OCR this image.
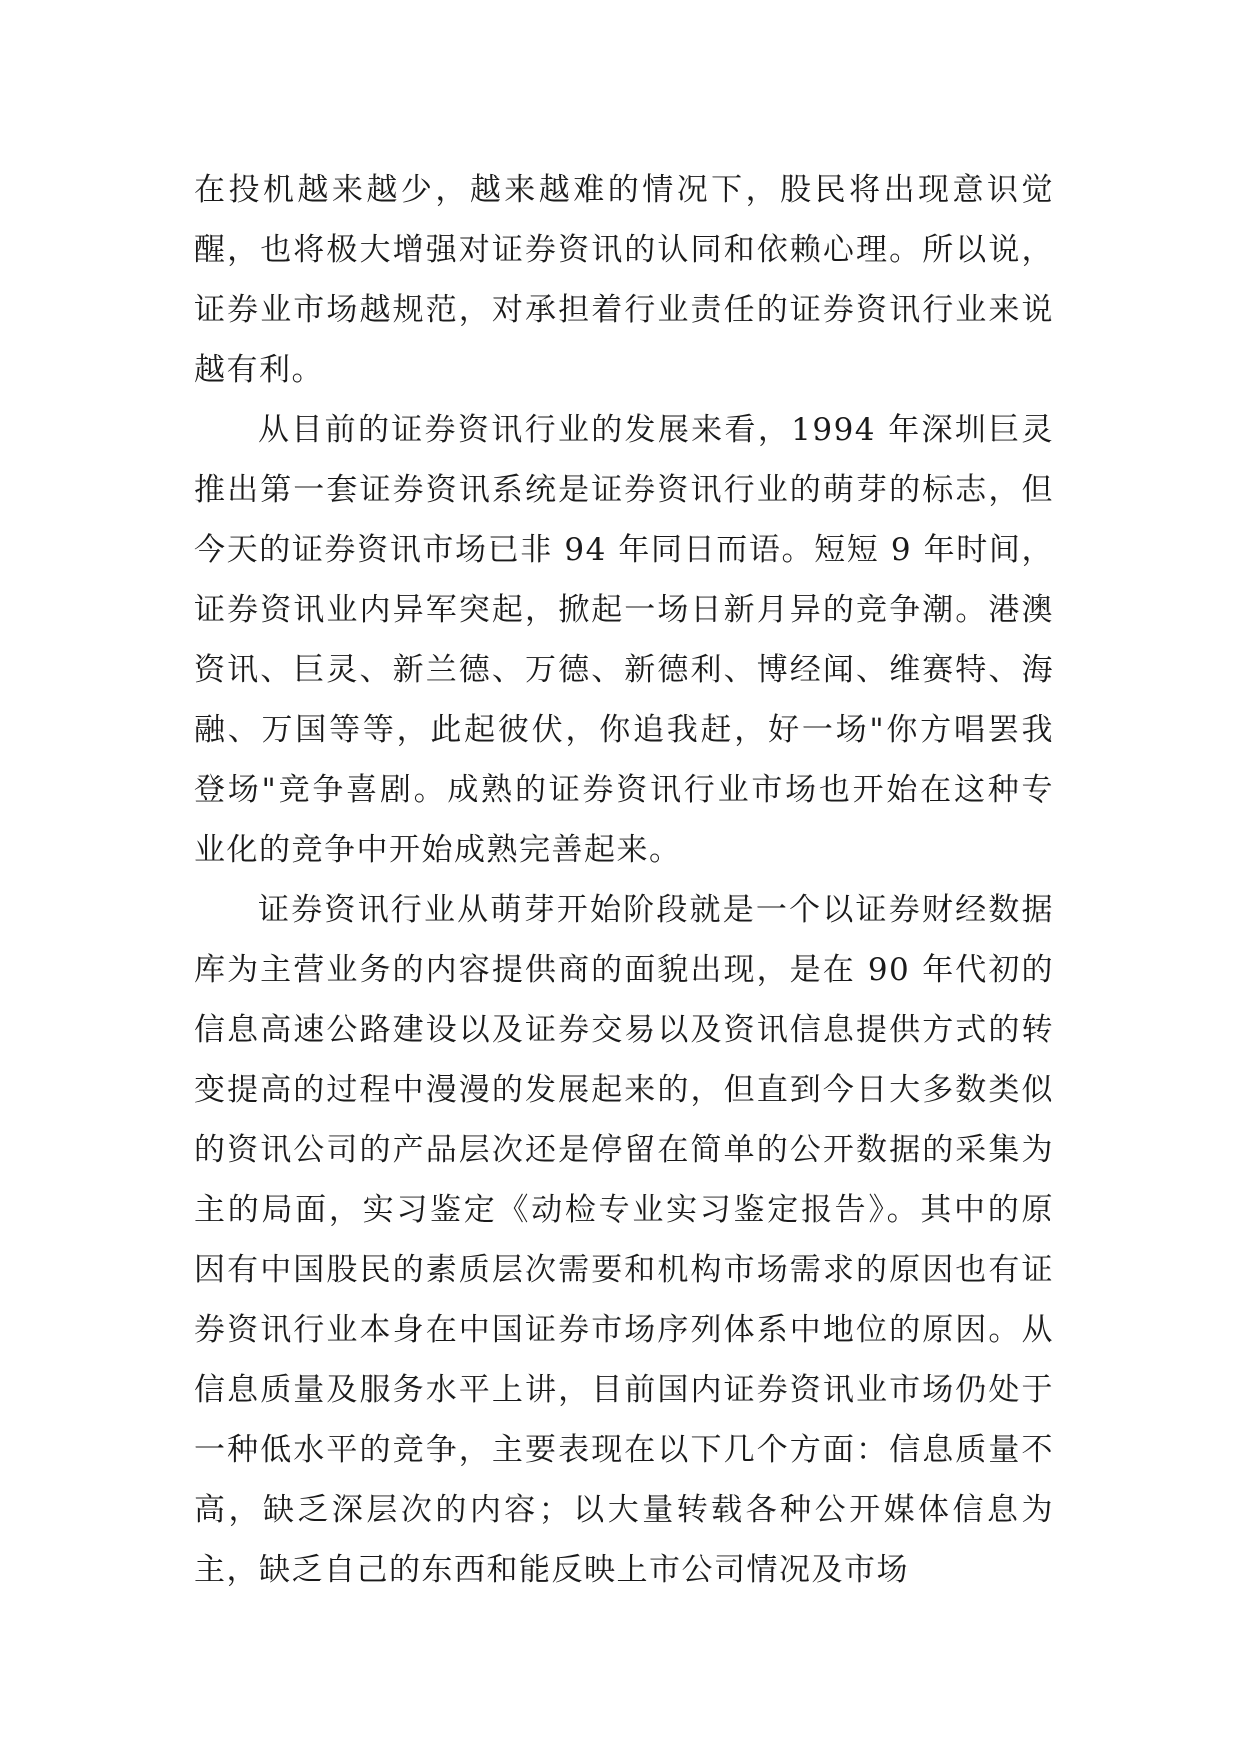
在投机越来越少，越来越难的情况下，股民将出现意识觉醒，也将极大增强对证券资讯的认同和依赖心理。所以说，证券业市场越规范，对承担着行业责任的证券资讯行业来说越有利。

从目前的证券资讯行业的发展来看，1994 年深圳巨灵推出第一套证券资讯系统是证券资讯行业的萌芽的标志，但今天的证券资讯市场已非 94 年同日而语。短短 9 年时间，证券资讯业内异军突起，掀起一场日新月异的竞争潮。港澳资讯、巨灵、新兰德、万德、新德利、博经闻、维赛特、海融、万国等等，此起彼伏，你追我赶，好一场"你方唱罢我登场"竞争喜剧。成熟的证券资讯行业市场也开始在这种专业化的竞争中开始成熟完善起来。

证券资讯行业从萌芽开始阶段就是一个以证券财经数据库为主营业务的内容提供商的面貌出现，是在 90 年代初的信息高速公路建设以及证券交易以及资讯信息提供方式的转变提高的过程中漫漫的发展起来的，但直到今日大多数类似的资讯公司的产品层次还是停留在简单的公开数据的采集为主的局面，实习鉴定《动检专业实习鉴定报告》。其中的原因有中国股民的素质层次需要和机构市场需求的原因也有证券资讯行业本身在中国证券市场序列体系中地位的原因。从信息质量及服务水平上讲，目前国内证券资讯业市场仍处于一种低水平的竞争，主要表现在以下几个方面：信息质量不高，缺乏深层次的内容；以大量转载各种公开媒体信息为主，缺乏自己的东西和能反映上市公司情况及市场
